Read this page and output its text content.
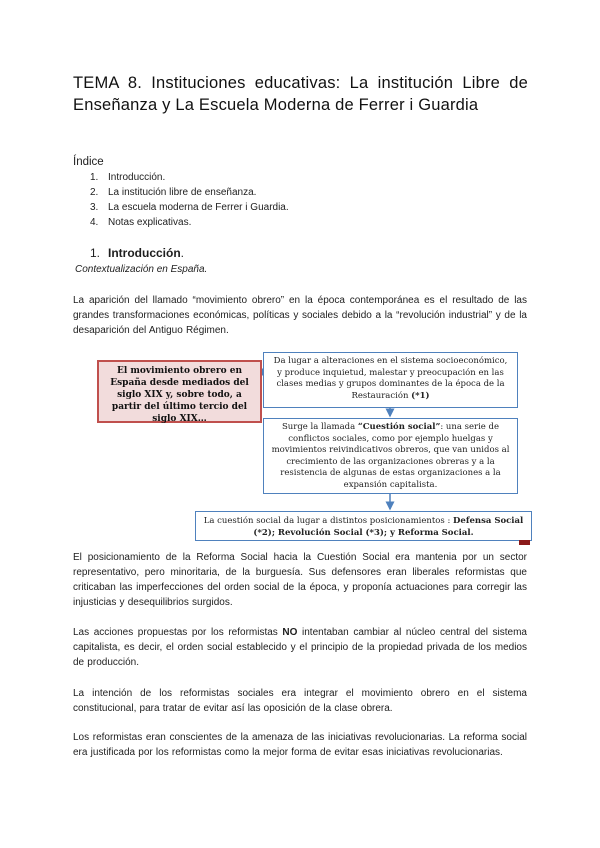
TEMA 8. Instituciones educativas: La institución Libre de Enseñanza y La Escuela Moderna de Ferrer i Guardia
Índice
1. Introducción.
2. La institución libre de enseñanza.
3. La escuela moderna de Ferrer i Guardia.
4. Notas explicativas.
1. Introducción .
Contextualización en España.

La aparición del llamado “movimiento obrero” en la época contemporánea es el resultado de las grandes transformaciones económicas, políticas y sociales debido a la “revolución industrial” y de la desaparición del Antiguo Régimen.

El movimiento obrero en España desde mediados del siglo XIX y, sobre todo, a partir del último tercio del siglo XIX…
Da lugar a alteraciones en el sistema socioeconómico, y produce inquietud, malestar y preocupación en las clases medias y grupos dominantes de la época de la Restauración (*1)
Surge la llamada “Cuestión social”: una serie de conflictos sociales, como por ejemplo huelgas y movimientos reivindicativos obreros, que van unidos al crecimiento de las organizaciones obreras y a la resistencia de algunas de estas organizaciones a la expansión capitalista.
La cuestión social da lugar a distintos posicionamientos : Defensa Social (*2); Revolución Social (*3); y Reforma Social.

El posicionamiento de la Reforma Social hacia la Cuestión Social era mantenia por un sector representativo, pero minoritaria, de la burguesía. Sus defensores eran liberales reformistas que criticaban las imperfecciones del orden social de la época, y proponía actuaciones para corregir las injusticias y desequilibrios surgidos.

Las acciones propuestas por los reformistas NO intentaban cambiar al núcleo central del sistema capitalista, es decir, el orden social establecido y el principio de la propiedad privada de los medios de producción.

La intención de los reformistas sociales era integrar el movimiento obrero en el sistema constitucional, para tratar de evitar así las oposición de la clase obrera.

Los reformistas eran conscientes de la amenaza de las iniciativas revolucionarias. La reforma social era justificada por los reformistas como la mejor forma de evitar esas iniciativas revolucionarias.
